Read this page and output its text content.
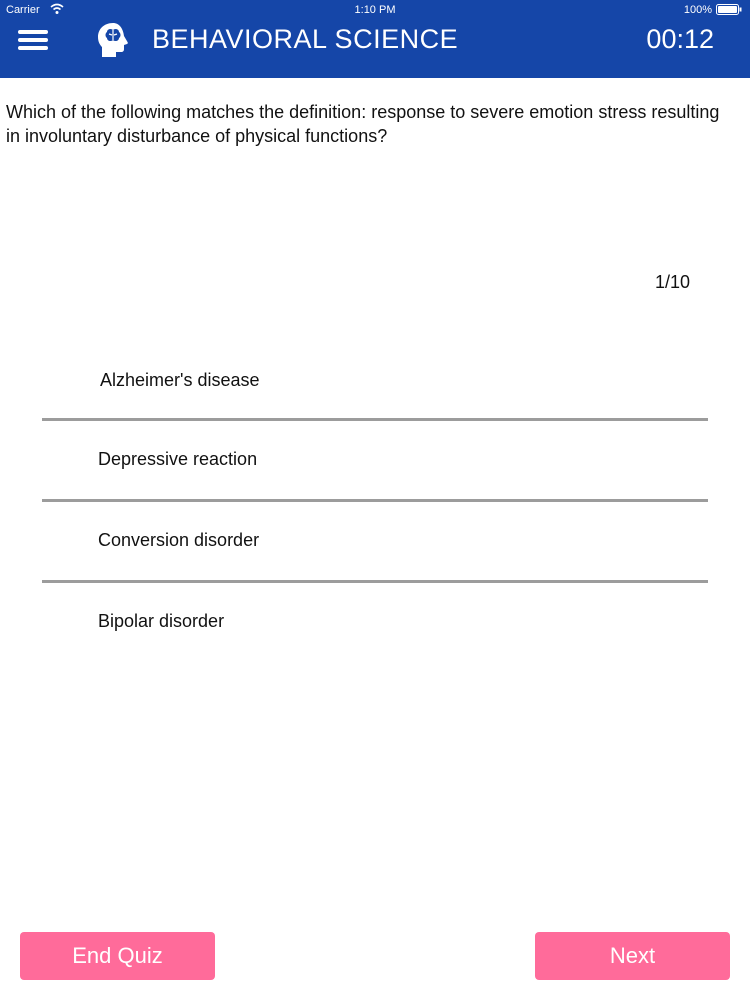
Carrier	1:10 PM	100%
BEHAVIORAL SCIENCE	00:12
Which of the following matches the definition: response to severe emotion stress resulting in involuntary disturbance of physical functions?
1/10
Alzheimer's disease
Depressive reaction
Conversion disorder
Bipolar disorder
End Quiz	Next
